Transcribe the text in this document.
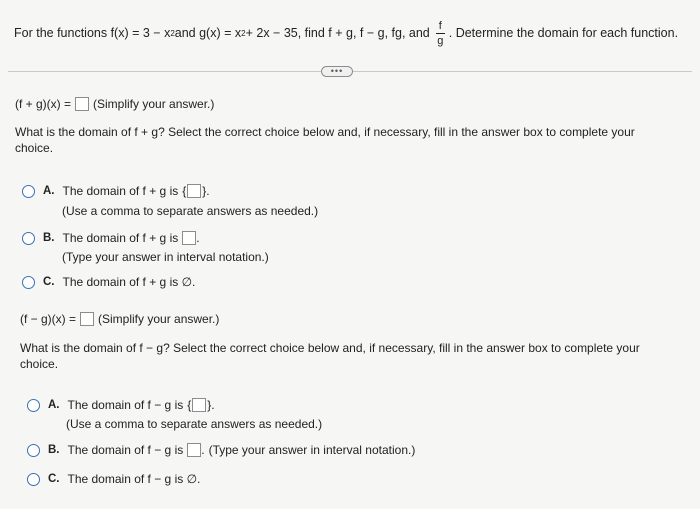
For the functions f(x) = 3 − x 2 and g(x) = x 2 + 2x − 35, find f + g, f − g, fg, and $\frac{f}{g}$ . Determine the domain for each function.
•••
(f + g)(x) = (Simplify your answer.)
What is the domain of f + g? Select the correct choice below and, if necessary, fill in the answer box to complete your choice.
A. The domain of f + g is { } .
(Use a comma to separate answers as needed.)
B. The domain of f + g is .
(Type your answer in interval notation.)
C. The domain of f + g is ∅.
(f − g)(x) = (Simplify your answer.)
What is the domain of f − g? Select the correct choice below and, if necessary, fill in the answer box to complete your choice.
A. The domain of f − g is { } .
(Use a comma to separate answers as needed.)
B. The domain of f − g is . (Type your answer in interval notation.)
C. The domain of f − g is ∅.
